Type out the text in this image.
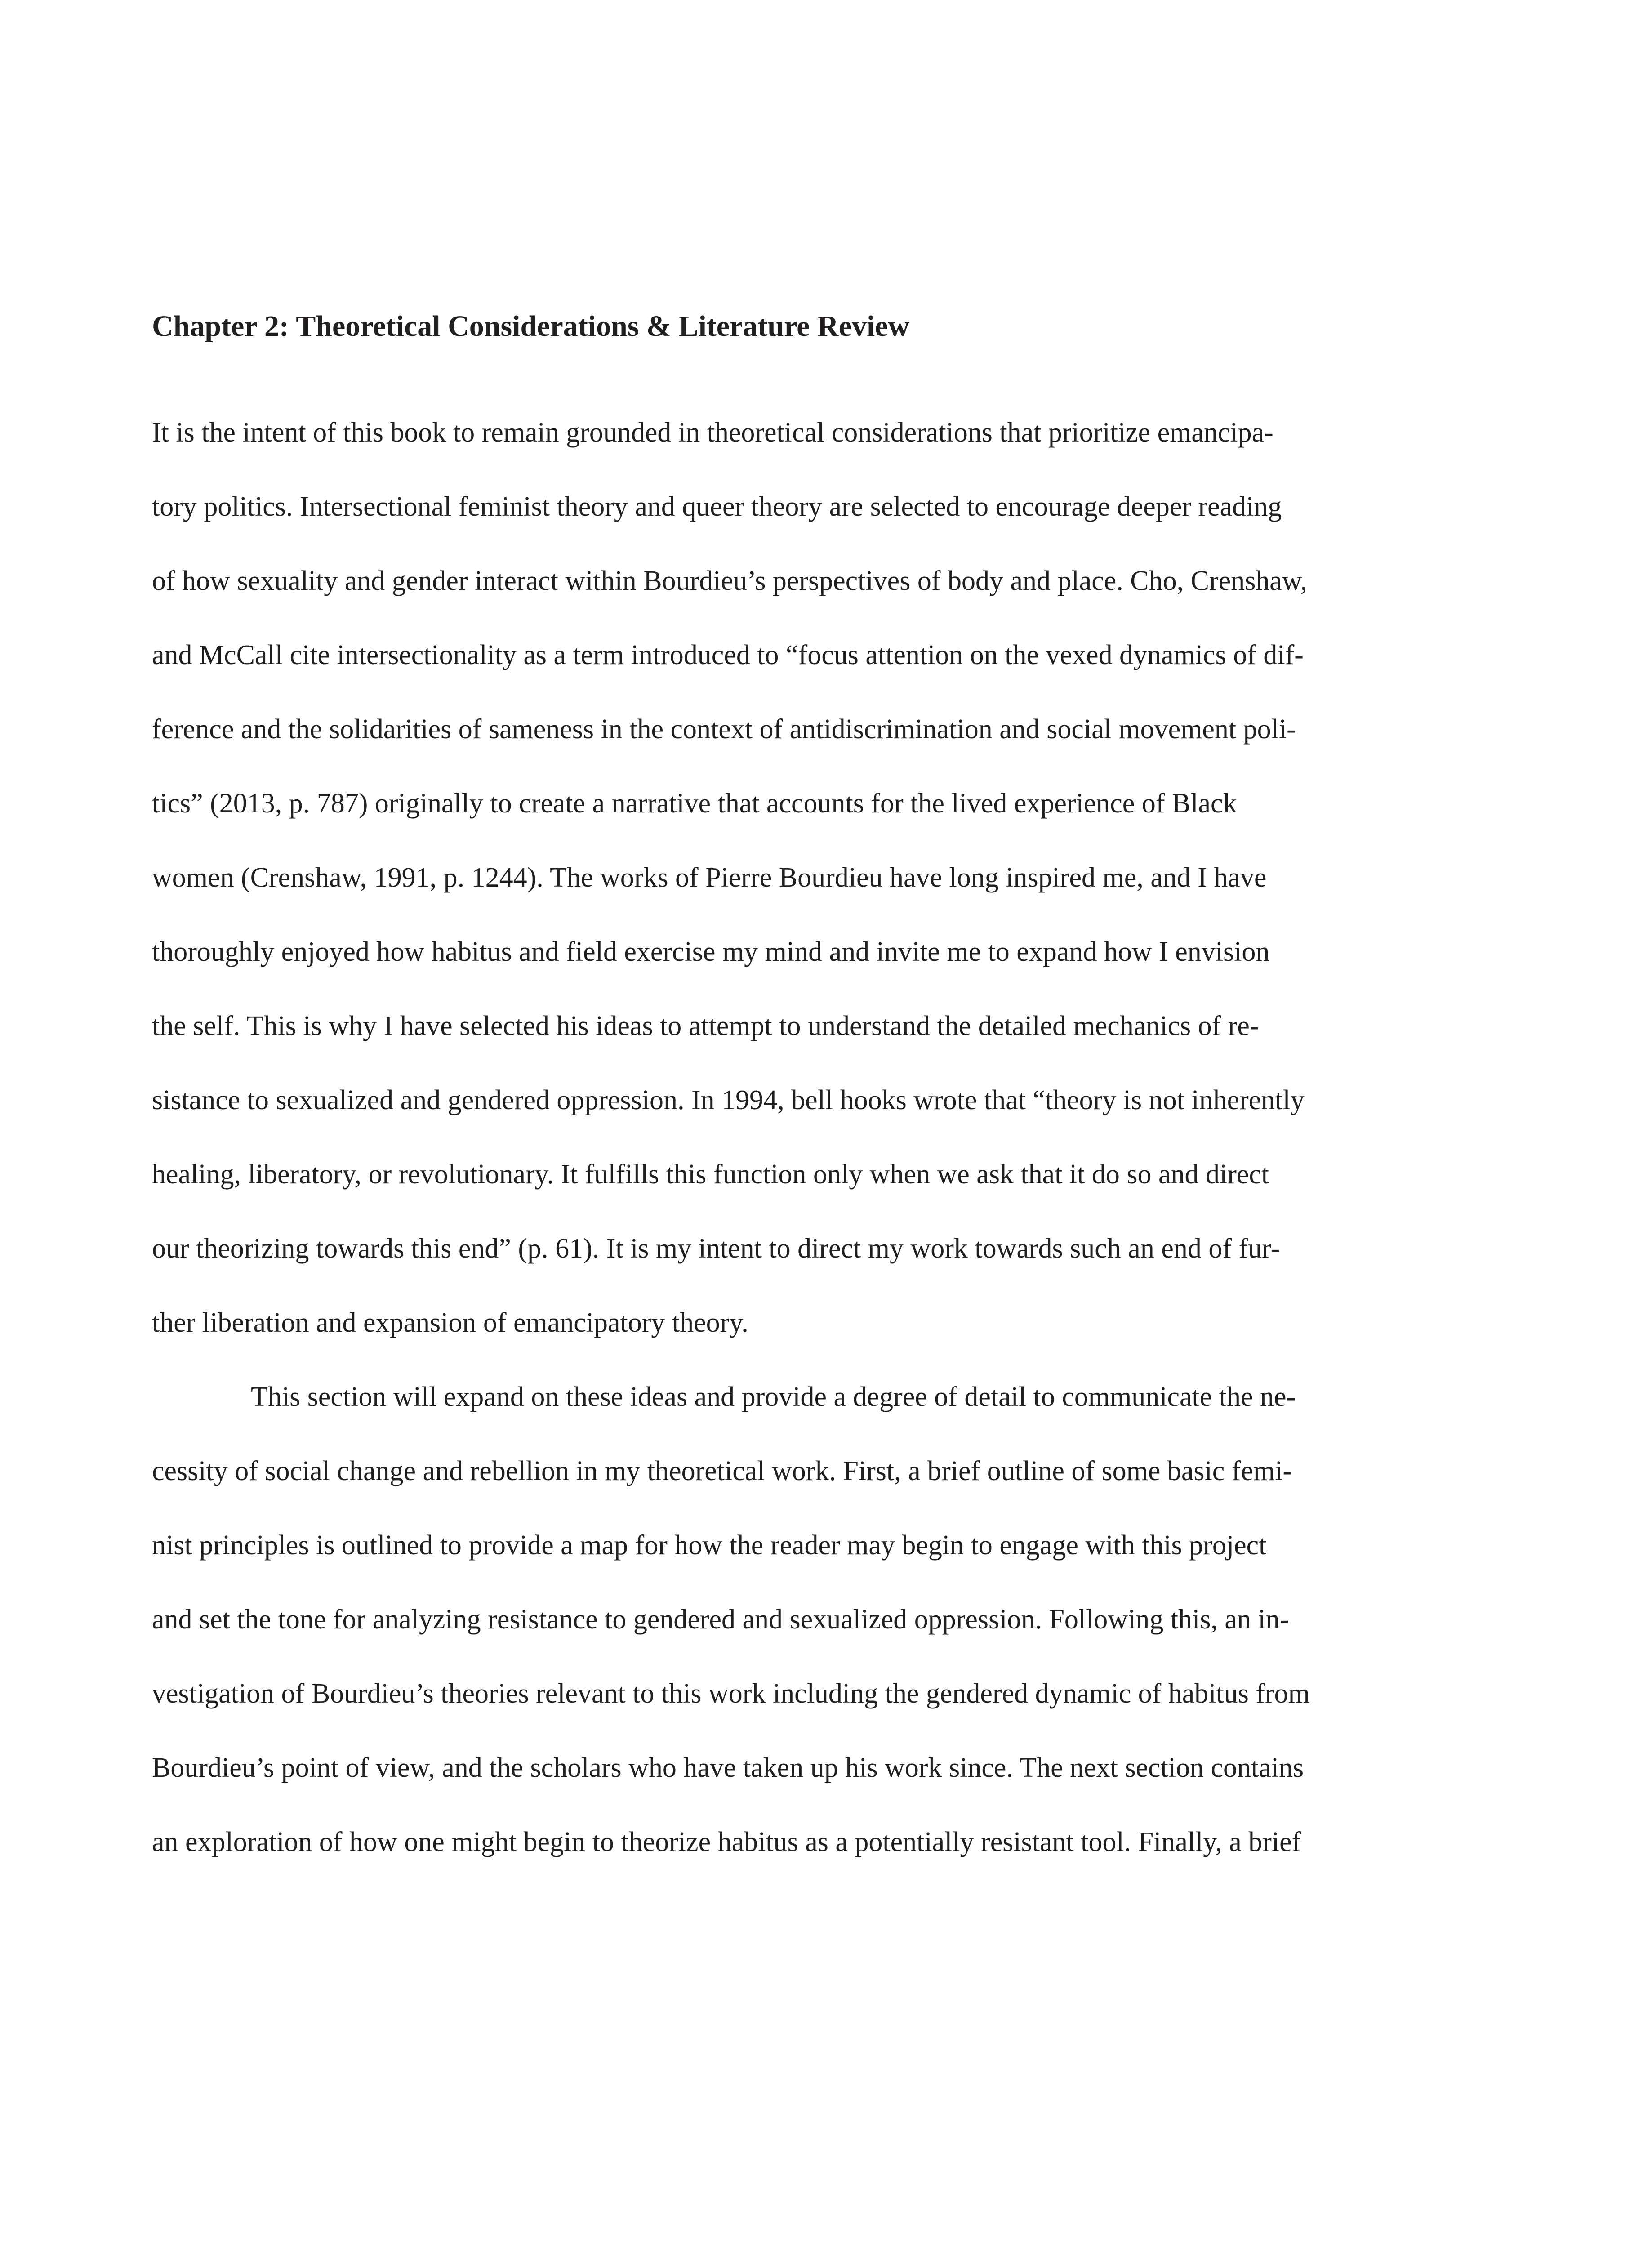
Chapter 2: Theoretical Considerations & Literature Review
It is the intent of this book to remain grounded in theoretical considerations that prioritize emancipa-
tory politics. Intersectional feminist theory and queer theory are selected to encourage deeper reading
of how sexuality and gender interact within Bourdieu’s perspectives of body and place. Cho, Crenshaw,
and McCall cite intersectionality as a term introduced to “focus attention on the vexed dynamics of dif-
ference and the solidarities of sameness in the context of antidiscrimination and social movement poli-
tics” (2013, p. 787) originally to create a narrative that accounts for the lived experience of Black
women (Crenshaw, 1991, p. 1244). The works of Pierre Bourdieu have long inspired me, and I have
thoroughly enjoyed how habitus and field exercise my mind and invite me to expand how I envision
the self. This is why I have selected his ideas to attempt to understand the detailed mechanics of re-
sistance to sexualized and gendered oppression. In 1994, bell hooks wrote that “theory is not inherently
healing, liberatory, or revolutionary. It fulfills this function only when we ask that it do so and direct
our theorizing towards this end” (p. 61). It is my intent to direct my work towards such an end of fur-
ther liberation and expansion of emancipatory theory.
This section will expand on these ideas and provide a degree of detail to communicate the ne-
cessity of social change and rebellion in my theoretical work. First, a brief outline of some basic femi-
nist principles is outlined to provide a map for how the reader may begin to engage with this project
and set the tone for analyzing resistance to gendered and sexualized oppression. Following this, an in-
vestigation of Bourdieu’s theories relevant to this work including the gendered dynamic of habitus from
Bourdieu’s point of view, and the scholars who have taken up his work since. The next section contains
an exploration of how one might begin to theorize habitus as a potentially resistant tool. Finally, a brief
